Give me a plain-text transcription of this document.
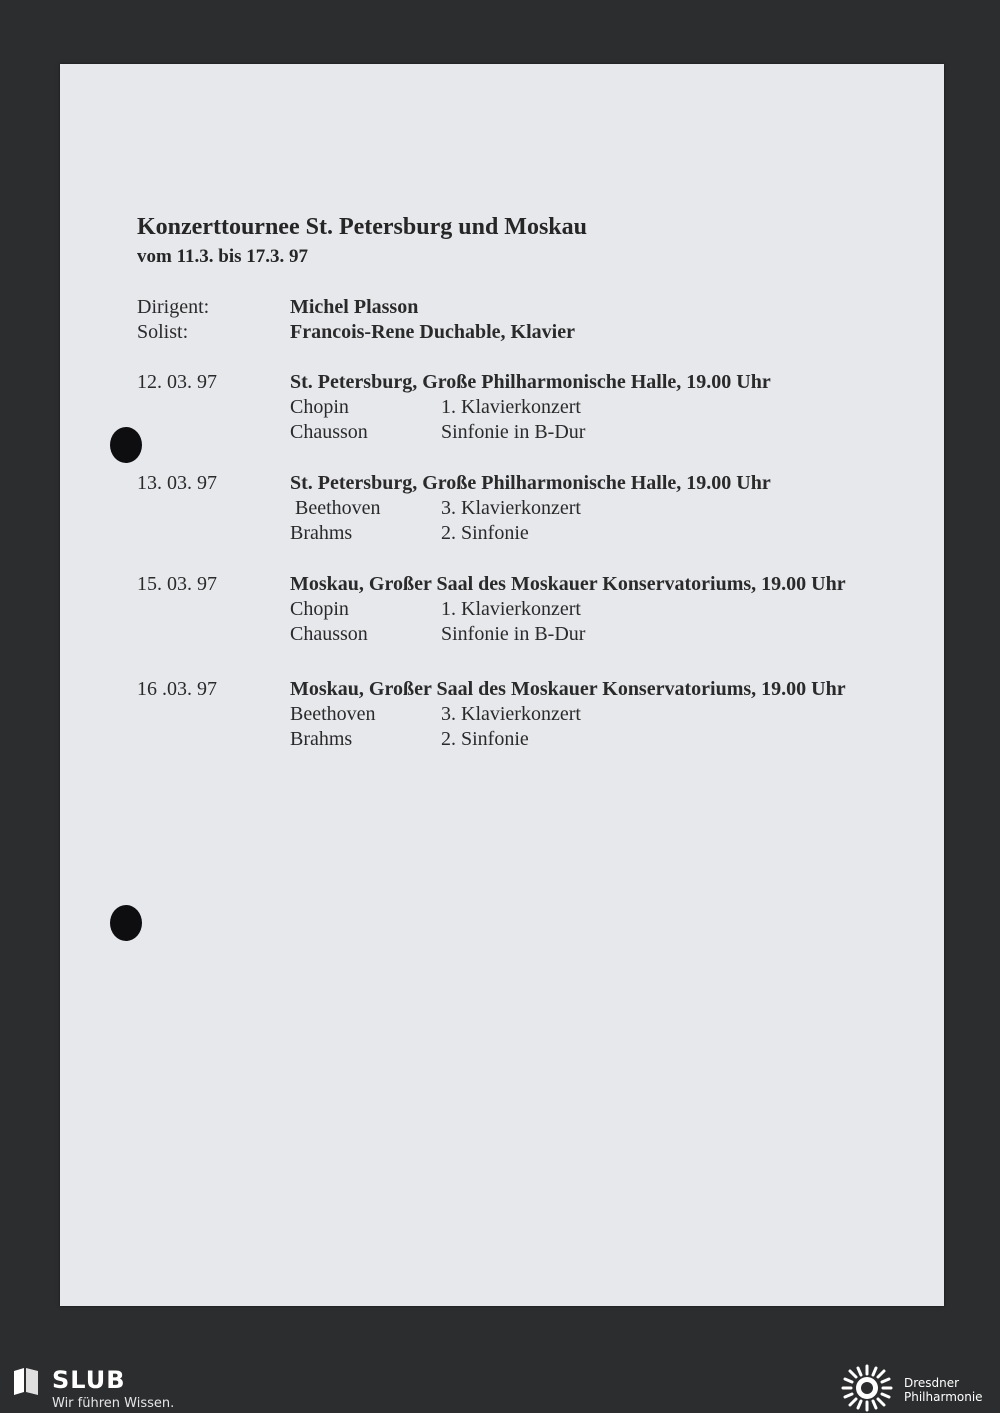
Konzerttournee St. Petersburg und Moskau
vom 11.3. bis 17.3. 97
Dirigent:	Michel Plasson
Solist:	Francois-Rene Duchable, Klavier
12. 03. 97	St. Petersburg, Große Philharmonische Halle, 19.00 Uhr
Chopin	1. Klavierkonzert
Chausson	Sinfonie in B-Dur
13. 03. 97	St. Petersburg, Große Philharmonische Halle, 19.00 Uhr
Beethoven	3. Klavierkonzert
Brahms	2. Sinfonie
15. 03. 97	Moskau, Großer Saal des Moskauer Konservatoriums, 19.00 Uhr
Chopin	1. Klavierkonzert
Chausson	Sinfonie in B-Dur
16 .03. 97	Moskau, Großer Saal des Moskauer Konservatoriums, 19.00 Uhr
Beethoven	3. Klavierkonzert
Brahms	2. Sinfonie
SLUB
Wir führen Wissen.
Dresdner
Philharmonie
